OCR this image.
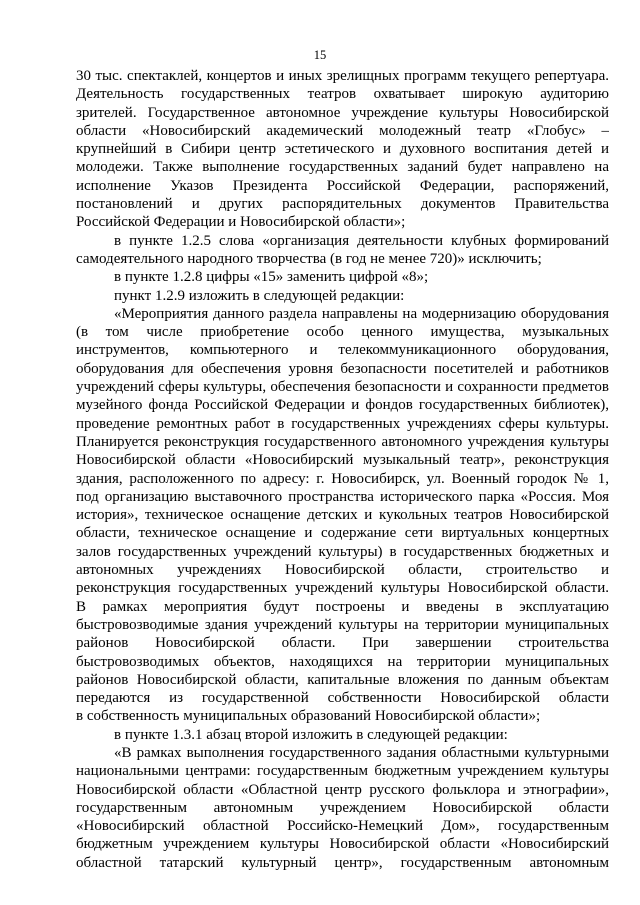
15
30 тыс. спектаклей, концертов и иных зрелищных программ текущего репертуара.
Деятельность государственных театров охватывает широкую аудиторию
зрителей. Государственное автономное учреждение культуры Новосибирской
области «Новосибирский академический молодежный театр «Глобус» –
крупнейший в Сибири центр эстетического и духовного воспитания детей и
молодежи. Также выполнение государственных заданий будет направлено на
исполнение Указов Президента Российской Федерации, распоряжений,
постановлений и других распорядительных документов Правительства
Российской Федерации и Новосибирской области»;
в пункте 1.2.5 слова «организация деятельности клубных формирований
самодеятельного народного творчества (в год не менее 720)» исключить;
в пункте 1.2.8 цифры «15» заменить цифрой «8»;
пункт 1.2.9 изложить в следующей редакции:
«Мероприятия данного раздела направлены на модернизацию оборудования
(в том числе приобретение особо ценного имущества, музыкальных
инструментов, компьютерного и телекоммуникационного оборудования,
оборудования для обеспечения уровня безопасности посетителей и работников
учреждений сферы культуры, обеспечения безопасности и сохранности предметов
музейного фонда Российской Федерации и фондов государственных библиотек),
проведение ремонтных работ в государственных учреждениях сферы культуры.
Планируется реконструкция государственного автономного учреждения культуры
Новосибирской области «Новосибирский музыкальный театр», реконструкция
здания, расположенного по адресу: г. Новосибирск, ул. Военный городок № 1,
под организацию выставочного пространства исторического парка «Россия. Моя
история», техническое оснащение детских и кукольных театров Новосибирской
области, техническое оснащение и содержание сети виртуальных концертных
залов государственных учреждений культуры) в государственных бюджетных и
автономных учреждениях Новосибирской области, строительство и
реконструкция государственных учреждений культуры Новосибирской области.
В рамках мероприятия будут построены и введены в эксплуатацию
быстровозводимые здания учреждений культуры на территории муниципальных
районов Новосибирской области. При завершении строительства
быстровозводимых объектов, находящихся на территории муниципальных
районов Новосибирской области, капитальные вложения по данным объектам
передаются из государственной собственности Новосибирской области
в собственность муниципальных образований Новосибирской области»;
в пункте 1.3.1 абзац второй изложить в следующей редакции:
«В рамках выполнения государственного задания областными культурными
национальными центрами: государственным бюджетным учреждением культуры
Новосибирской области «Областной центр русского фольклора и этнографии»,
государственным автономным учреждением Новосибирской области
«Новосибирский областной Российско-Немецкий Дом», государственным
бюджетным учреждением культуры Новосибирской области «Новосибирский
областной татарский культурный центр», государственным автономным
